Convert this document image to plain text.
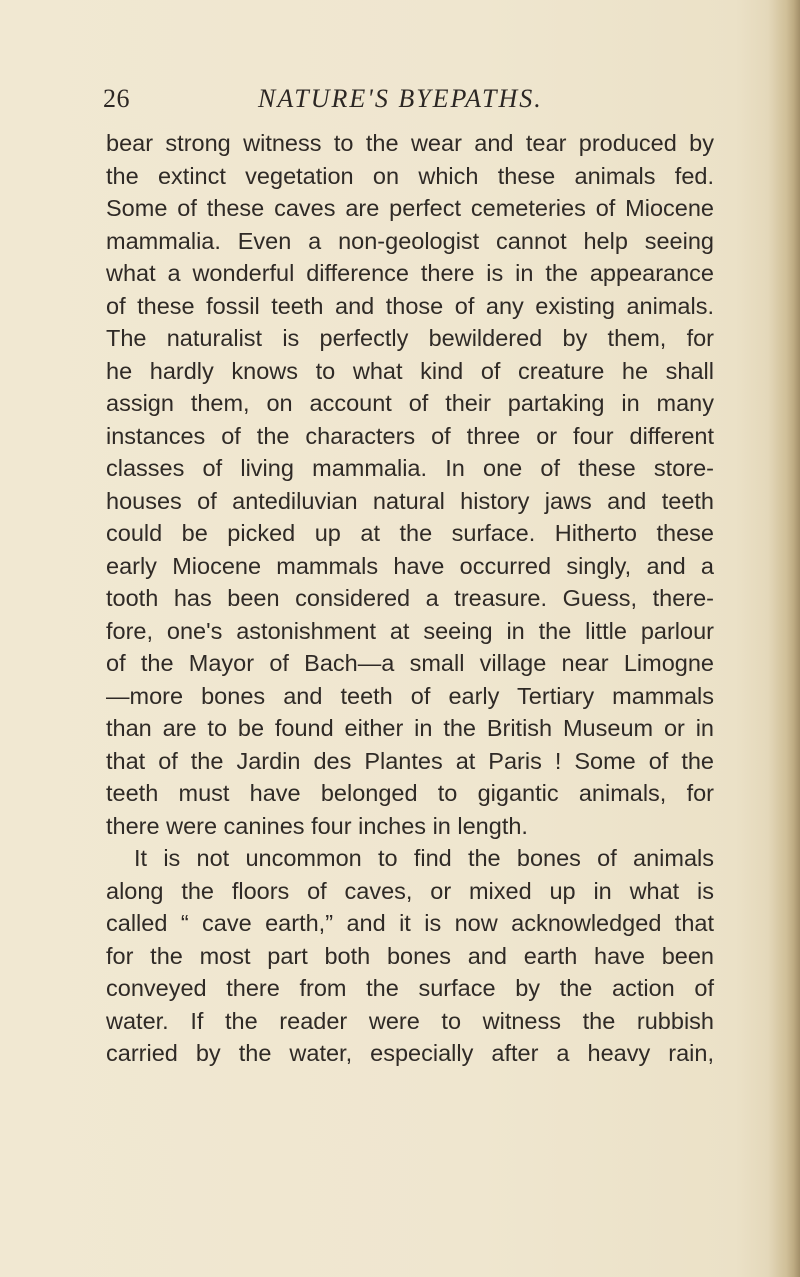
26	NATURE'S BYEPATHS.
bear strong witness to the wear and tear produced by
the extinct vegetation on which these animals fed.
Some of these caves are perfect cemeteries of Miocene
mammalia. Even a non-geologist cannot help seeing
what a wonderful difference there is in the appearance
of these fossil teeth and those of any existing animals.
The naturalist is perfectly bewildered by them, for
he hardly knows to what kind of creature he shall
assign them, on account of their partaking in many
instances of the characters of three or four different
classes of living mammalia. In one of these store-
houses of antediluvian natural history jaws and teeth
could be picked up at the surface. Hitherto these
early Miocene mammals have occurred singly, and a
tooth has been considered a treasure. Guess, there-
fore, one's astonishment at seeing in the little parlour
of the Mayor of Bach—a small village near Limogne
—more bones and teeth of early Tertiary mammals
than are to be found either in the British Museum or in
that of the Jardin des Plantes at Paris ! Some of the
teeth must have belonged to gigantic animals, for
there were canines four inches in length.
It is not uncommon to find the bones of animals
along the floors of caves, or mixed up in what is
called “ cave earth,” and it is now acknowledged that
for the most part both bones and earth have been
conveyed there from the surface by the action of
water. If the reader were to witness the rubbish
carried by the water, especially after a heavy rain,
